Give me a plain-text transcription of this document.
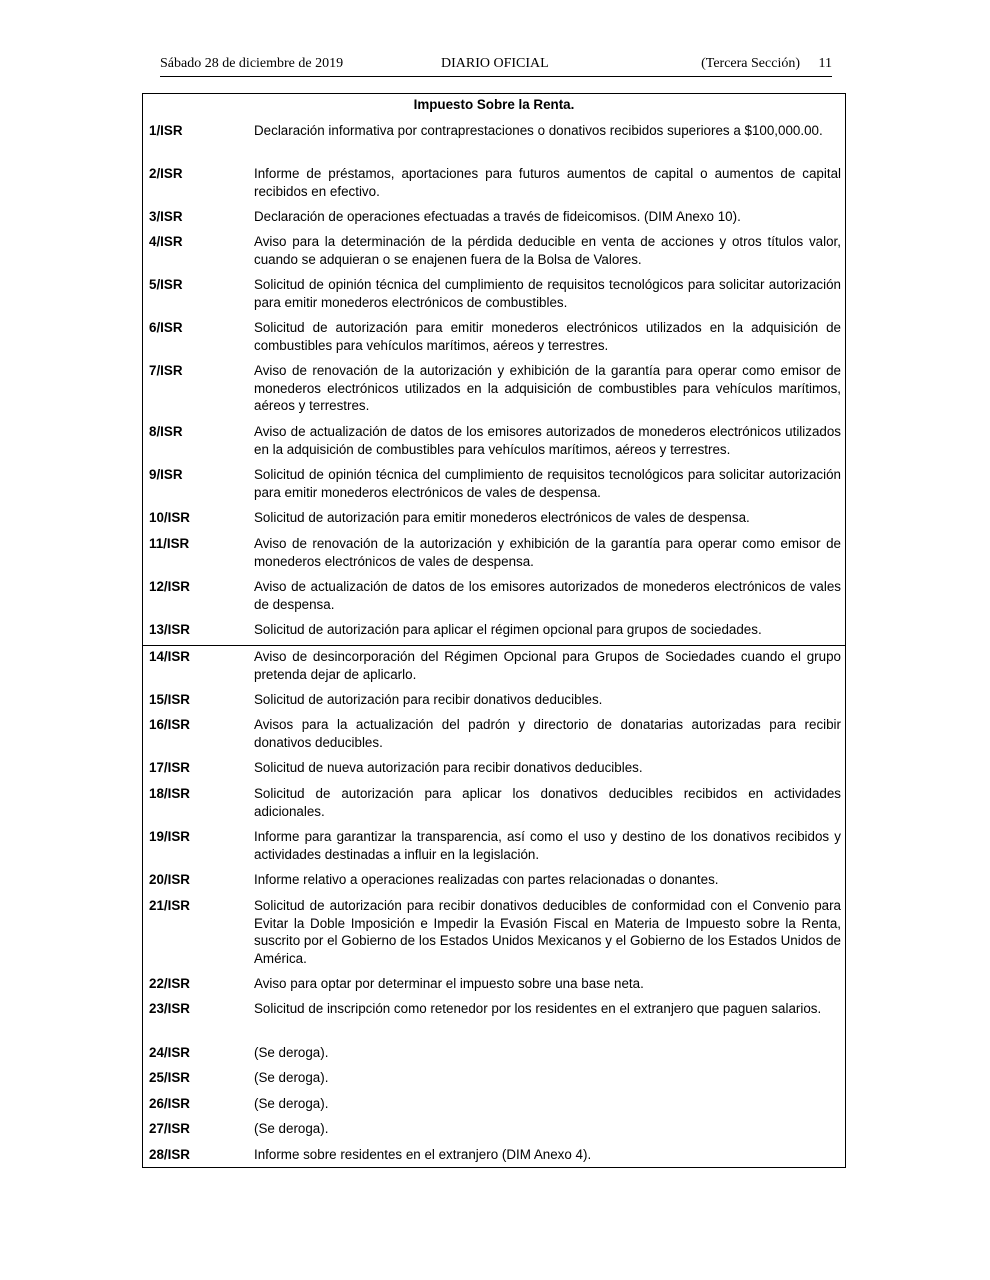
Sábado 28 de diciembre de 2019	DIARIO OFICIAL	(Tercera Sección) 11
Impuesto Sobre la Renta.
1/ISR	Declaración informativa por contraprestaciones o donativos recibidos superiores a $100,000.00.
2/ISR	Informe de préstamos, aportaciones para futuros aumentos de capital o aumentos de capital recibidos en efectivo.
3/ISR	Declaración de operaciones efectuadas a través de fideicomisos. (DIM Anexo 10).
4/ISR	Aviso para la determinación de la pérdida deducible en venta de acciones y otros títulos valor, cuando se adquieran o se enajenen fuera de la Bolsa de Valores.
5/ISR	Solicitud de opinión técnica del cumplimiento de requisitos tecnológicos para solicitar autorización para emitir monederos electrónicos de combustibles.
6/ISR	Solicitud de autorización para emitir monederos electrónicos utilizados en la adquisición de combustibles para vehículos marítimos, aéreos y terrestres.
7/ISR	Aviso de renovación de la autorización y exhibición de la garantía para operar como emisor de monederos electrónicos utilizados en la adquisición de combustibles para vehículos marítimos, aéreos y terrestres.
8/ISR	Aviso de actualización de datos de los emisores autorizados de monederos electrónicos utilizados en la adquisición de combustibles para vehículos marítimos, aéreos y terrestres.
9/ISR	Solicitud de opinión técnica del cumplimiento de requisitos tecnológicos para solicitar autorización para emitir monederos electrónicos de vales de despensa.
10/ISR	Solicitud de autorización para emitir monederos electrónicos de vales de despensa.
11/ISR	Aviso de renovación de la autorización y exhibición de la garantía para operar como emisor de monederos electrónicos de vales de despensa.
12/ISR	Aviso de actualización de datos de los emisores autorizados de monederos electrónicos de vales de despensa.
13/ISR	Solicitud de autorización para aplicar el régimen opcional para grupos de sociedades.
14/ISR	Aviso de desincorporación del Régimen Opcional para Grupos de Sociedades cuando el grupo pretenda dejar de aplicarlo.
15/ISR	Solicitud de autorización para recibir donativos deducibles.
16/ISR	Avisos para la actualización del padrón y directorio de donatarias autorizadas para recibir donativos deducibles.
17/ISR	Solicitud de nueva autorización para recibir donativos deducibles.
18/ISR	Solicitud de autorización para aplicar los donativos deducibles recibidos en actividades adicionales.
19/ISR	Informe para garantizar la transparencia, así como el uso y destino de los donativos recibidos y actividades destinadas a influir en la legislación.
20/ISR	Informe relativo a operaciones realizadas con partes relacionadas o donantes.
21/ISR	Solicitud de autorización para recibir donativos deducibles de conformidad con el Convenio para Evitar la Doble Imposición e Impedir la Evasión Fiscal en Materia de Impuesto sobre la Renta, suscrito por el Gobierno de los Estados Unidos Mexicanos y el Gobierno de los Estados Unidos de América.
22/ISR	Aviso para optar por determinar el impuesto sobre una base neta.
23/ISR	Solicitud de inscripción como retenedor por los residentes en el extranjero que paguen salarios.
24/ISR	(Se deroga).
25/ISR	(Se deroga).
26/ISR	(Se deroga).
27/ISR	(Se deroga).
28/ISR	Informe sobre residentes en el extranjero (DIM Anexo 4).
